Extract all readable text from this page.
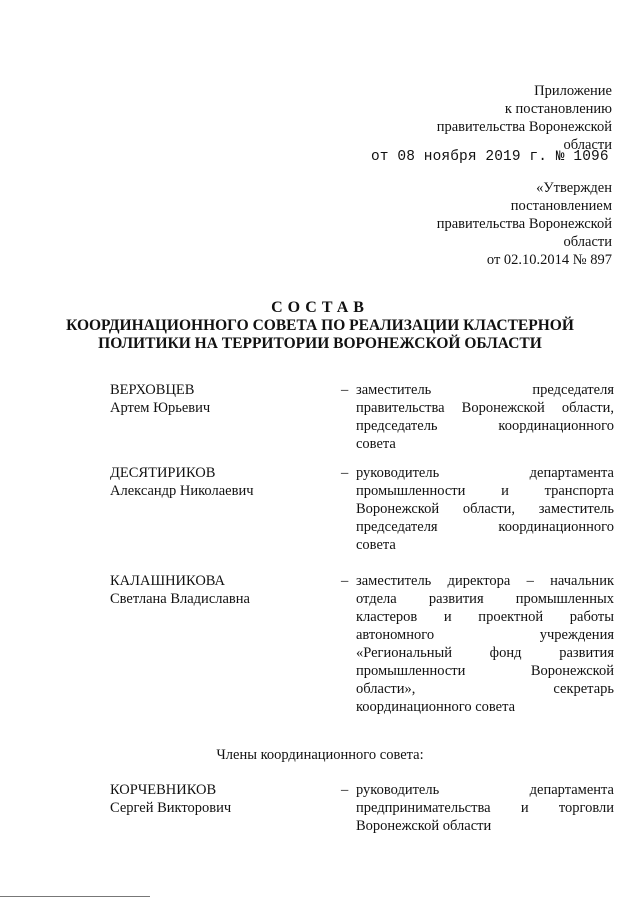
Приложение
к постановлению
правительства Воронежской
области
от 08 ноября 2019 г. № 1096
«Утвержден
постановлением
правительства Воронежской
области
от 02.10.2014 № 897
СОСТАВ
КООРДИНАЦИОННОГО СОВЕТА ПО РЕАЛИЗАЦИИ КЛАСТЕРНОЙ
ПОЛИТИКИ НА ТЕРРИТОРИИ ВОРОНЕЖСКОЙ ОБЛАСТИ
ВЕРХОВЦЕВ
Артем Юрьевич
– заместитель председателя
правительства Воронежской области,
председатель координационного
совета
ДЕСЯТИРИКОВ
Александр Николаевич
– руководитель департамента
промышленности и транспорта
Воронежской области, заместитель
председателя координационного
совета
КАЛАШНИКОВА
Светлана Владиславна
– заместитель директора – начальник
отдела развития промышленных
кластеров и проектной работы
автономного учреждения
«Региональный фонд развития
промышленности Воронежской
области», секретарь
координационного совета
Члены координационного совета:
КОРЧЕВНИКОВ
Сергей Викторович
– руководитель департамента
предпринимательства и торговли
Воронежской области
